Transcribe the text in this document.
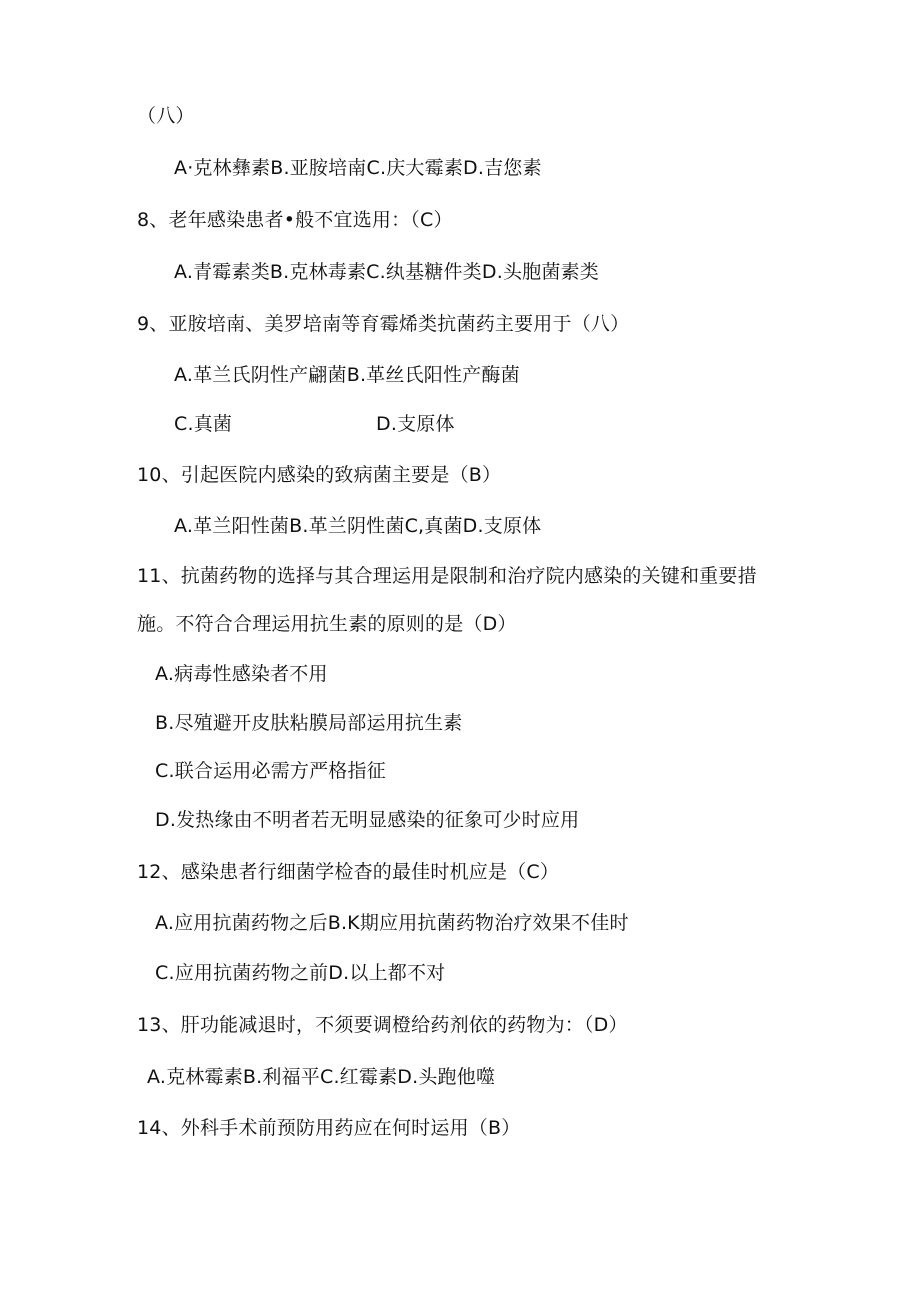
（八）
A·克林彝素B.亚胺培南C.庆大霉素D.吉您素
8、老年感染患者•般不宜选用：（C）
A.青霉素类B.克林毒素C.纨基糖件类D.头胞菌素类
9、亚胺培南、美罗培南等育霉烯类抗菌药主要用于（八）
A.革兰氏阴性产翩菌B.革丝氏阳性产酶菌
C.真菌	D.支原体
10、引起医院内感染的致病菌主要是（B）
A.革兰阳性菌B.革兰阴性菌C,真菌D.支原体
11、抗菌药物的选择与其合理运用是限制和治疗院内感染的关键和重要措
施。不符合合理运用抗生素的原则的是（D）
A.病毒性感染者不用
B.尽殖避开皮肤粘膜局部运用抗生素
C.联合运用必需方严格指征
D.发热缘由不明者若无明显感染的征象可少时应用
12、感染患者行细菌学检杳的最佳时机应是（C）
A.应用抗菌药物之后B.K期应用抗菌药物治疗效果不佳时
C.应用抗菌药物之前D.以上都不对
13、肝功能减退时，不须要调橙给药剂依的药物为：（D）
A.克林霉素B.利福平C.红霉素D.头跑他噬
14、外科手术前预防用药应在何时运用（B）
